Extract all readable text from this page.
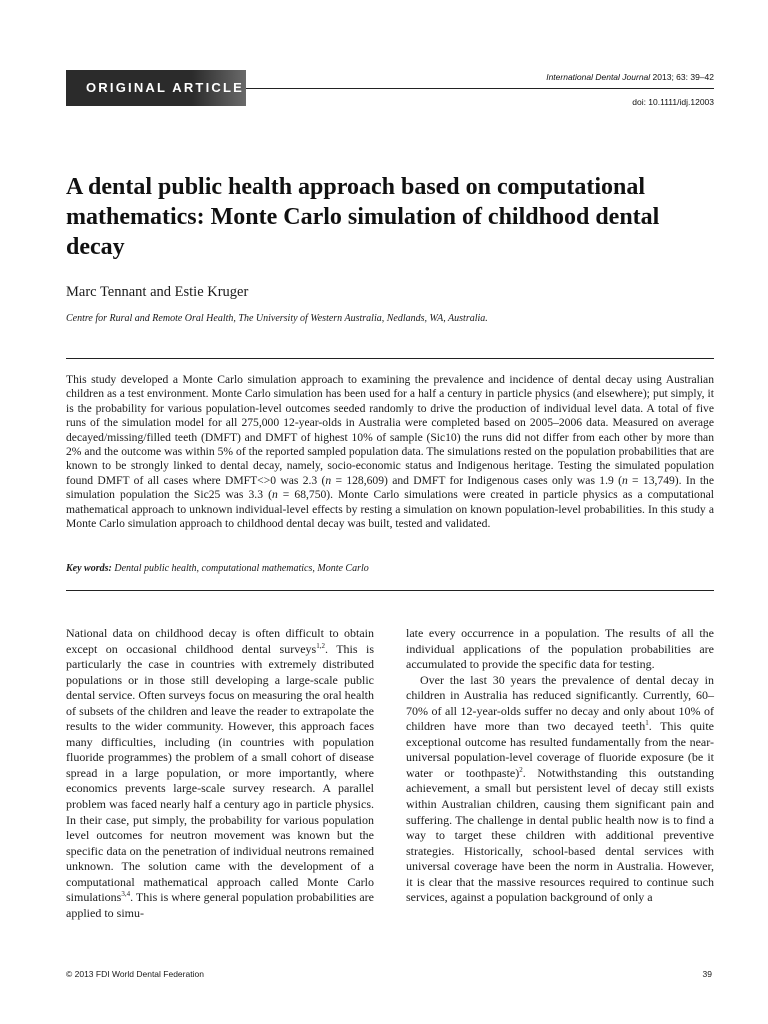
ORIGINAL ARTICLE
International Dental Journal 2013; 63: 39–42
doi: 10.1111/idj.12003
A dental public health approach based on computational mathematics: Monte Carlo simulation of childhood dental decay
Marc Tennant and Estie Kruger
Centre for Rural and Remote Oral Health, The University of Western Australia, Nedlands, WA, Australia.

This study developed a Monte Carlo simulation approach to examining the prevalence and incidence of dental decay using Australian children as a test environment. Monte Carlo simulation has been used for a half a century in particle physics (and elsewhere); put simply, it is the probability for various population-level outcomes seeded randomly to drive the production of individual level data. A total of five runs of the simulation model for all 275,000 12-year-olds in Australia were completed based on 2005–2006 data. Measured on average decayed/missing/filled teeth (DMFT) and DMFT of highest 10% of sample (Sic10) the runs did not differ from each other by more than 2% and the outcome was within 5% of the reported sampled population data. The simulations rested on the population probabilities that are known to be strongly linked to dental decay, namely, socio-economic status and Indigenous heritage. Testing the simulated population found DMFT of all cases where DMFT<>0 was 2.3 (n = 128,609) and DMFT for Indigenous cases only was 1.9 (n = 13,749). In the simulation population the Sic25 was 3.3 (n = 68,750). Monte Carlo simulations were created in particle physics as a computational mathematical approach to unknown individual-level effects by resting a simulation on known population-level probabilities. In this study a Monte Carlo simulation approach to childhood dental decay was built, tested and validated.

Key words: Dental public health, computational mathematics, Monte Carlo

National data on childhood decay is often difficult to obtain except on occasional childhood dental surveys$^{1,2}$. This is particularly the case in countries with extremely distributed populations or in those still developing a large-scale public dental service. Often surveys focus on measuring the oral health of subsets of the children and leave the reader to extrapolate the results to the wider community. However, this approach faces many difficulties, including (in countries with population fluoride programmes) the problem of a small cohort of disease spread in a large population, or more importantly, where economics prevents large-scale survey research. A parallel problem was faced nearly half a century ago in particle physics. In their case, put simply, the probability for various population level outcomes for neutron movement was known but the specific data on the penetration of individual neutrons remained unknown. The solution came with the development of a computational mathematical approach called Monte Carlo simulations$^{3,4}$. This is where general population probabilities are applied to simu-

late every occurrence in a population. The results of all the individual applications of the population probabilities are accumulated to provide the specific data for testing.

Over the last 30 years the prevalence of dental decay in children in Australia has reduced significantly. Currently, 60–70% of all 12-year-olds suffer no decay and only about 10% of children have more than two decayed teeth$^1$. This quite exceptional outcome has resulted fundamentally from the near-universal population-level coverage of fluoride exposure (be it water or toothpaste)$^2$. Notwithstanding this outstanding achievement, a small but persistent level of decay still exists within Australian children, causing them significant pain and suffering. The challenge in dental public health now is to find a way to target these children with additional preventive strategies. Historically, school-based dental services with universal coverage have been the norm in Australia. However, it is clear that the massive resources required to continue such services, against a population background of only a

© 2013 FDI World Dental Federation	39
